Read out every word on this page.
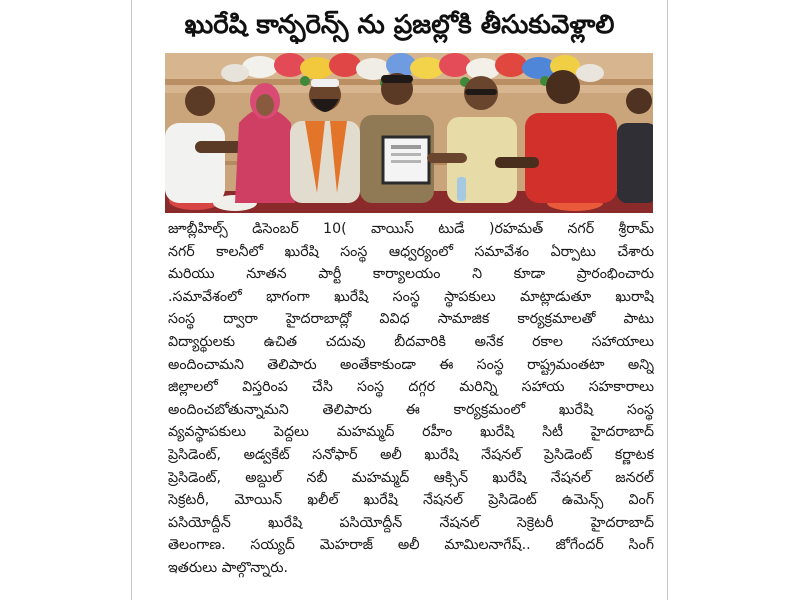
ఖురేషి కాన్ఫరెన్స్ ను ప్రజల్లోకి తీసుకువెళ్లాలి
జూబ్లీహిల్స్ డిసెంబర్ 10( వాయిస్ టుడే )రహమత్ నగర్ శ్రీరామ్
నగర్ కాలనీలో ఖురేషి సంస్థ ఆధ్వర్యంలో సమావేశం ఏర్పాటు చేశారు
మరియు నూతన పార్టీ కార్యాలయం ని కూడా ప్రారంభించారు
.సమావేశంలో భాగంగా ఖురేషి సంస్థ స్థాపకులు మాట్లాడుతూ ఖురాషి
సంస్థ ద్వారా హైదరాబాద్లో వివిధ సామాజిక కార్యక్రమాలతో పాటు
విద్యార్థులకు ఉచిత చదువు బీదవారికి అనేక రకాల సహాయాలు
అందించామని తెలిపారు అంతేకాకుండా ఈ సంస్థ రాష్ట్రమంతటా అన్ని
జిల్లాలలో విస్తరింప చేసి సంస్థ దగ్గర మరిన్ని సహాయ సహకారాలు
అందించబోతున్నామని తెలిపారు ఈ కార్యక్రమంలో ఖురేషి సంస్థ
వ్యవస్థాపకులు పెద్దలు మహమ్మద్ రహీం ఖురేషి సిటీ హైదరాబాద్
ప్రెసిడెంట్, అడ్వకేట్ సనోఫార్ అలీ ఖురేషి నేషనల్ ప్రెసిడెంట్ కర్ణాటక
ప్రెసిడెంట్, అబ్దుల్ నబీ మహమ్మద్ ఆక్సిన్ ఖురేషి నేషనల్ జనరల్
సెక్రటరీ, మోయిన్ ఖలీల్ ఖురేషి నేషనల్ ప్రెసిడెంట్ ఉమెన్స్ వింగ్
పసియోద్దీన్ ఖురేషి పసియోద్దీన్ నేషనల్ సెక్రెటరీ హైదరాబాద్
తెలంగాణ. సయ్యద్ మెహరాజ్ అలీ మామిలనాగేష్.. జోగేందర్ సింగ్
ఇతరులు పాల్గొన్నారు.
